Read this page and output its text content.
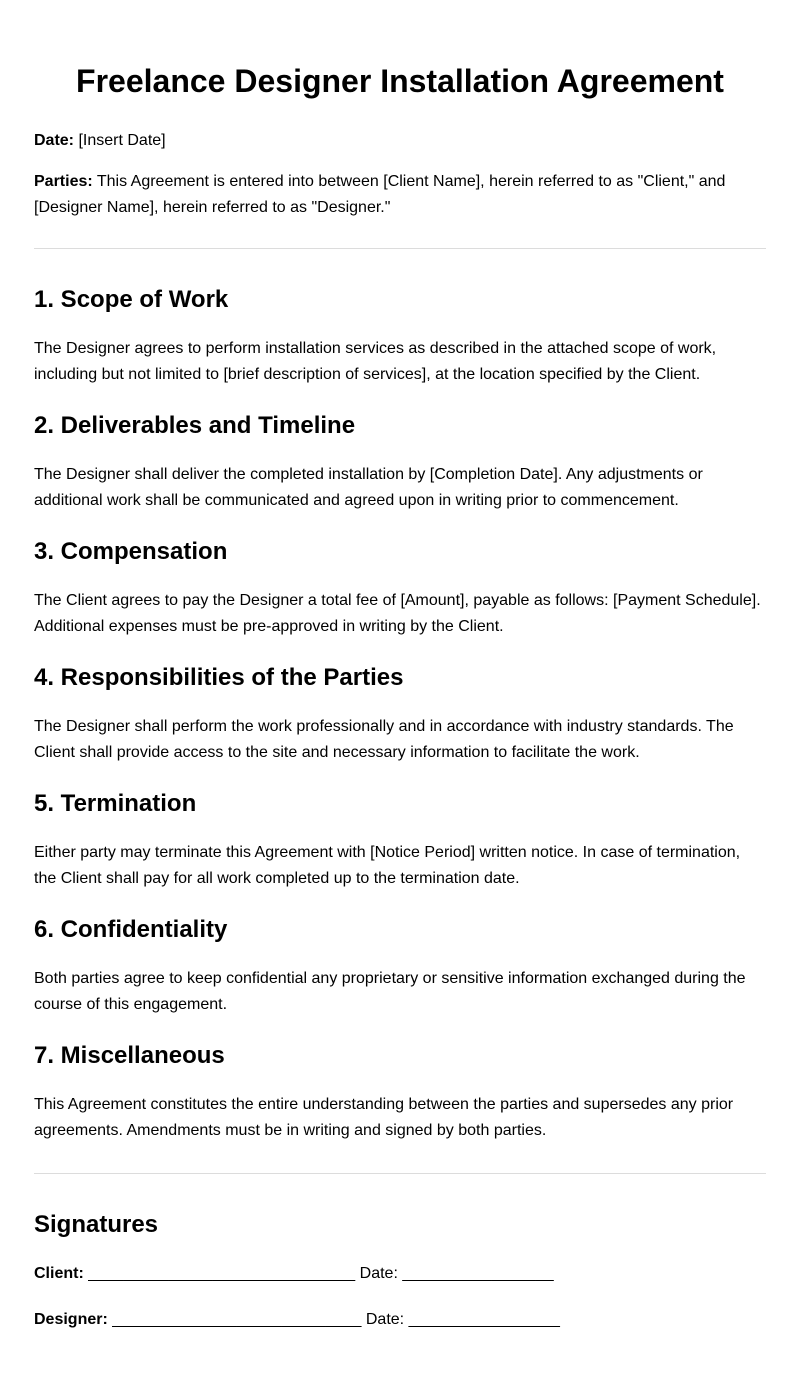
Freelance Designer Installation Agreement

Date: [Insert Date]

Parties: This Agreement is entered into between [Client Name], herein referred to as "Client," and [Designer Name], herein referred to as "Designer."

1. Scope of Work

The Designer agrees to perform installation services as described in the attached scope of work, including but not limited to [brief description of services], at the location specified by the Client.

2. Deliverables and Timeline

The Designer shall deliver the completed installation by [Completion Date]. Any adjustments or additional work shall be communicated and agreed upon in writing prior to commencement.

3. Compensation

The Client agrees to pay the Designer a total fee of [Amount], payable as follows: [Payment Schedule]. Additional expenses must be pre-approved in writing by the Client.

4. Responsibilities of the Parties

The Designer shall perform the work professionally and in accordance with industry standards. The Client shall provide access to the site and necessary information to facilitate the work.

5. Termination

Either party may terminate this Agreement with [Notice Period] written notice. In case of termination, the Client shall pay for all work completed up to the termination date.

6. Confidentiality

Both parties agree to keep confidential any proprietary or sensitive information exchanged during the course of this engagement.

7. Miscellaneous

This Agreement constitutes the entire understanding between the parties and supersedes any prior agreements. Amendments must be in writing and signed by both parties.

Signatures

Client: ______________________________ Date: _________________

Designer: ____________________________ Date: _________________
